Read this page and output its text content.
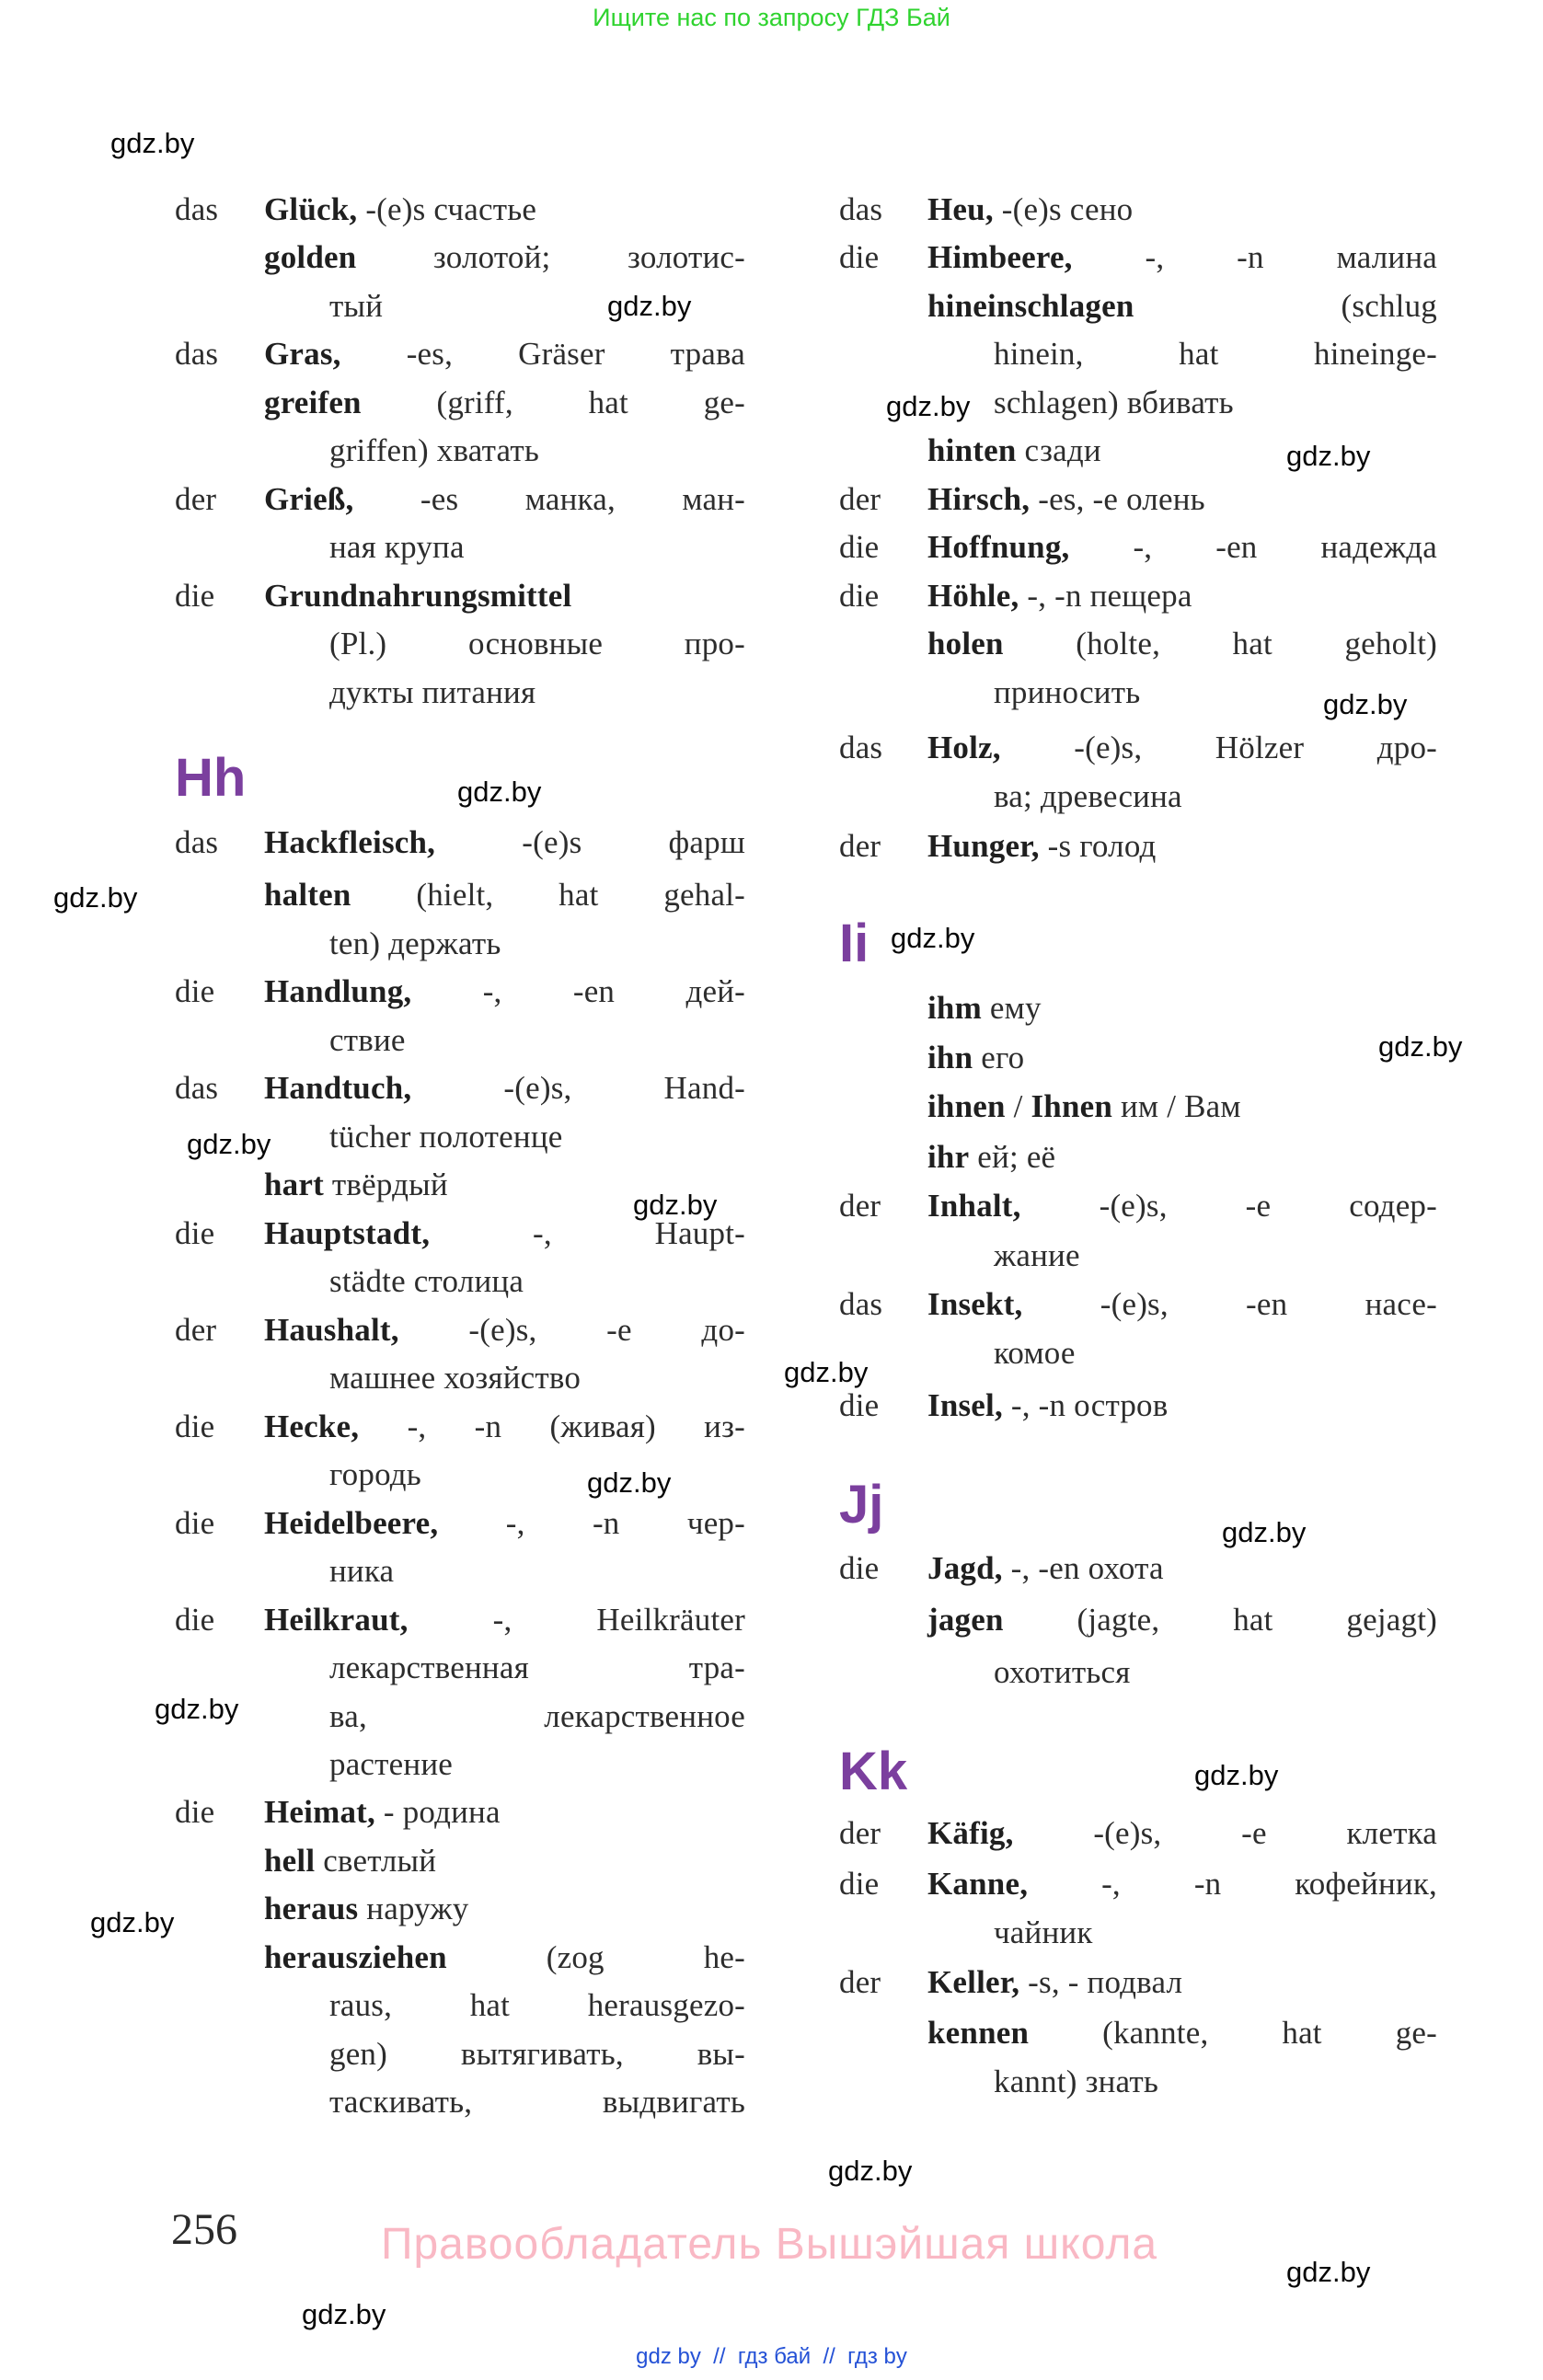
Ищите нас по запросу ГДЗ Бай
das Glück, -(e)s счастье
golden золотой; золотис-
тый
das Gras, -es, Gräser трава
greifen (griff, hat ge-
griffen) хватать
der Grieß, -es манка, ман-
ная крупа
die Grundnahrungsmittel
(Pl.) основные про-
дукты питания
Hh
das Hackfleisch, -(e)s фарш
halten (hielt, hat gehal-
ten) держать
die Handlung, -, -en дей-
ствие
das Handtuch, -(e)s, Hand-
tücher полотенце
hart твёрдый
die Hauptstadt, -, Haupt-
städte столица
der Haushalt, -(e)s, -e до-
машнее хозяйство
die Hecke, -, -n (живая) из-
городь
die Heidelbeere, -, -n чер-
ника
die Heilkraut, -, Heilkräuter
лекарственная тра-
ва, лекарственное
растение
die Heimat, - родина
hell светлый
heraus наружу
herausziehen (zog he-
raus, hat herausgezo-
gen) вытягивать, вы-
таскивать, выдвигать
das Heu, -(e)s сено
die Himbeere, -, -n малина
hineinschlagen (schlug
hinein, hat hineinge-
schlagen) вбивать
hinten сзади
der Hirsch, -es, -e олень
die Hoffnung, -, -en надежда
die Höhle, -, -n пещера
holen (holte, hat geholt)
приносить
das Holz, -(e)s, Hölzer дро-
ва; древесина
der Hunger, -s голод
Ii
ihm ему
ihn его
ihnen / Ihnen им / Вам
ihr ей; её
der Inhalt, -(e)s, -e содер-
жание
das Insekt, -(e)s, -en насе-
комое
die Insel, -, -n остров
Jj
die Jagd, -, -en охота
jagen (jagte, hat gejagt)
охотиться
Kk
der Käfig, -(e)s, -e клетка
die Kanne, -, -n кофейник,
чайник
der Keller, -s, - подвал
kennen (kannte, hat ge-
kannt) знать
gdz.by
gdz.by
gdz.by
gdz.by
gdz.by
gdz.by
gdz.by
gdz.by
gdz.by
gdz.by
gdz.by
gdz.by
gdz.by
gdz.by
gdz.by
gdz.by
gdz.by
gdz.by
gdz.by
gdz.by
256	Правообладатель Вышэйшая школа
gdz by  //  гдз бай  //  гдз by
